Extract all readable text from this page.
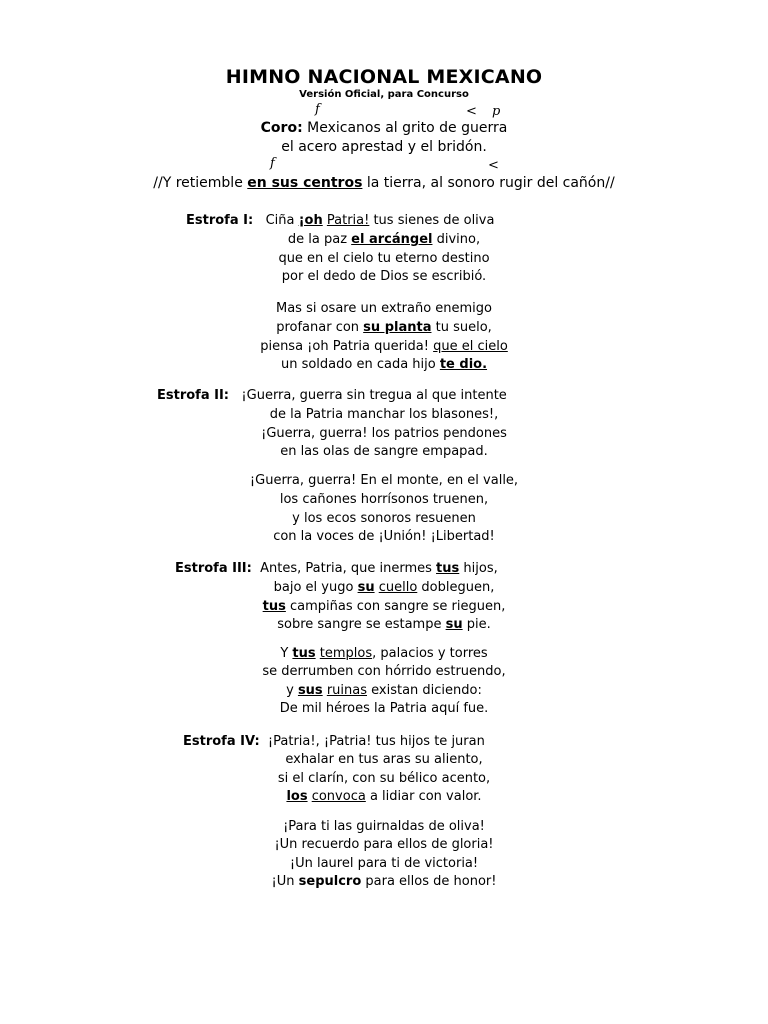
HIMNO NACIONAL MEXICANO
Versión Oficial, para Concurso
f	< p
Coro: Mexicanos al grito de guerra
el acero aprestad y el bridón.
f	<
//Y retiemble en sus centros la tierra, al sonoro rugir del cañón//
Estrofa I: Ciña ¡oh Patria! tus sienes de oliva
de la paz el arcángel divino,
que en el cielo tu eterno destino
por el dedo de Dios se escribió.
Mas si osare un extraño enemigo
profanar con su planta tu suelo,
piensa ¡oh Patria querida! que el cielo
un soldado en cada hijo te dio.
Estrofa II: ¡Guerra, guerra sin tregua al que intente
de la Patria manchar los blasones!,
¡Guerra, guerra! los patrios pendones
en las olas de sangre empapad.
¡Guerra, guerra! En el monte, en el valle,
los cañones horrísonos truenen,
y los ecos sonoros resuenen
con la voces de ¡Unión! ¡Libertad!
Estrofa III: Antes, Patria, que inermes tus hijos,
bajo el yugo su cuello dobleguen,
tus campiñas con sangre se rieguen,
sobre sangre se estampe su pie.
Y tus templos, palacios y torres
se derrumben con hórrido estruendo,
y sus ruinas existan diciendo:
De mil héroes la Patria aquí fue.
Estrofa IV: ¡Patria!, ¡Patria! tus hijos te juran
exhalar en tus aras su aliento,
si el clarín, con su bélico acento,
los convoca a lidiar con valor.
¡Para ti las guirnaldas de oliva!
¡Un recuerdo para ellos de gloria!
¡Un laurel para ti de victoria!
¡Un sepulcro para ellos de honor!
